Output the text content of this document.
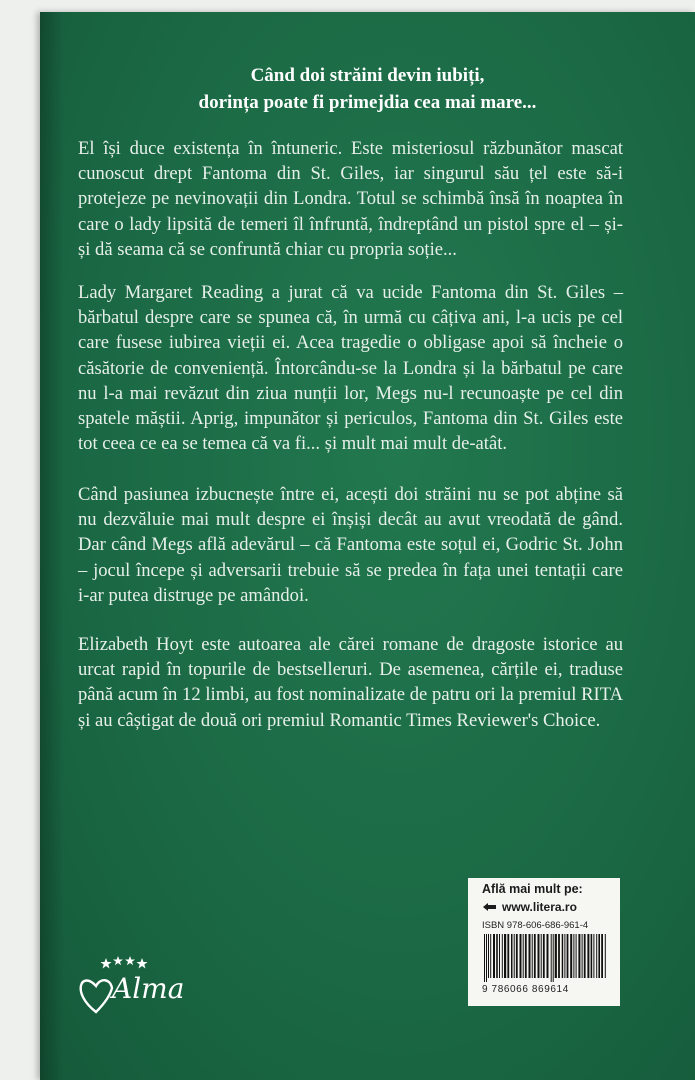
Când doi străini devin iubiți,
dorința poate fi primejdia cea mai mare...
El își duce existența în întuneric. Este misteriosul răzbunător mascat cunoscut drept Fantoma din St. Giles, iar singurul său țel este să-i protejeze pe nevinovații din Londra. Totul se schimbă însă în noaptea în care o lady lipsită de temeri îl înfruntă, îndreptând un pistol spre el – și-și dă seama că se confruntă chiar cu propria soție...
Lady Margaret Reading a jurat că va ucide Fantoma din St. Giles – bărbatul despre care se spunea că, în urmă cu câțiva ani, l-a ucis pe cel care fusese iubirea vieții ei. Acea tragedie o obligase apoi să încheie o căsătorie de conveniență. Întorcându-se la Londra și la bărbatul pe care nu l-a mai revăzut din ziua nunții lor, Megs nu-l recunoaște pe cel din spatele măștii. Aprig, impunător și periculos, Fantoma din St. Giles este tot ceea ce ea se temea că va fi... și mult mai mult de-atât.
Când pasiunea izbucnește între ei, acești doi străini nu se pot abține să nu dezvăluie mai mult despre ei înșiși decât au avut vreodată de gând. Dar când Megs află adevărul – că Fantoma este soțul ei, Godric St. John – jocul începe și adversarii trebuie să se predea în fața unei tentații care i-ar putea distruge pe amândoi.
Elizabeth Hoyt este autoarea ale cărei romane de dragoste istorice au urcat rapid în topurile de bestselleruri. De asemenea, cărțile ei, traduse până acum în 12 limbi, au fost nominalizate de patru ori la premiul RITA și au câștigat de două ori premiul Romantic Times Reviewer's Choice.
Află mai mult pe:
www.litera.ro
ISBN 978-606-686-961-4
9 786066 869614
Alma
